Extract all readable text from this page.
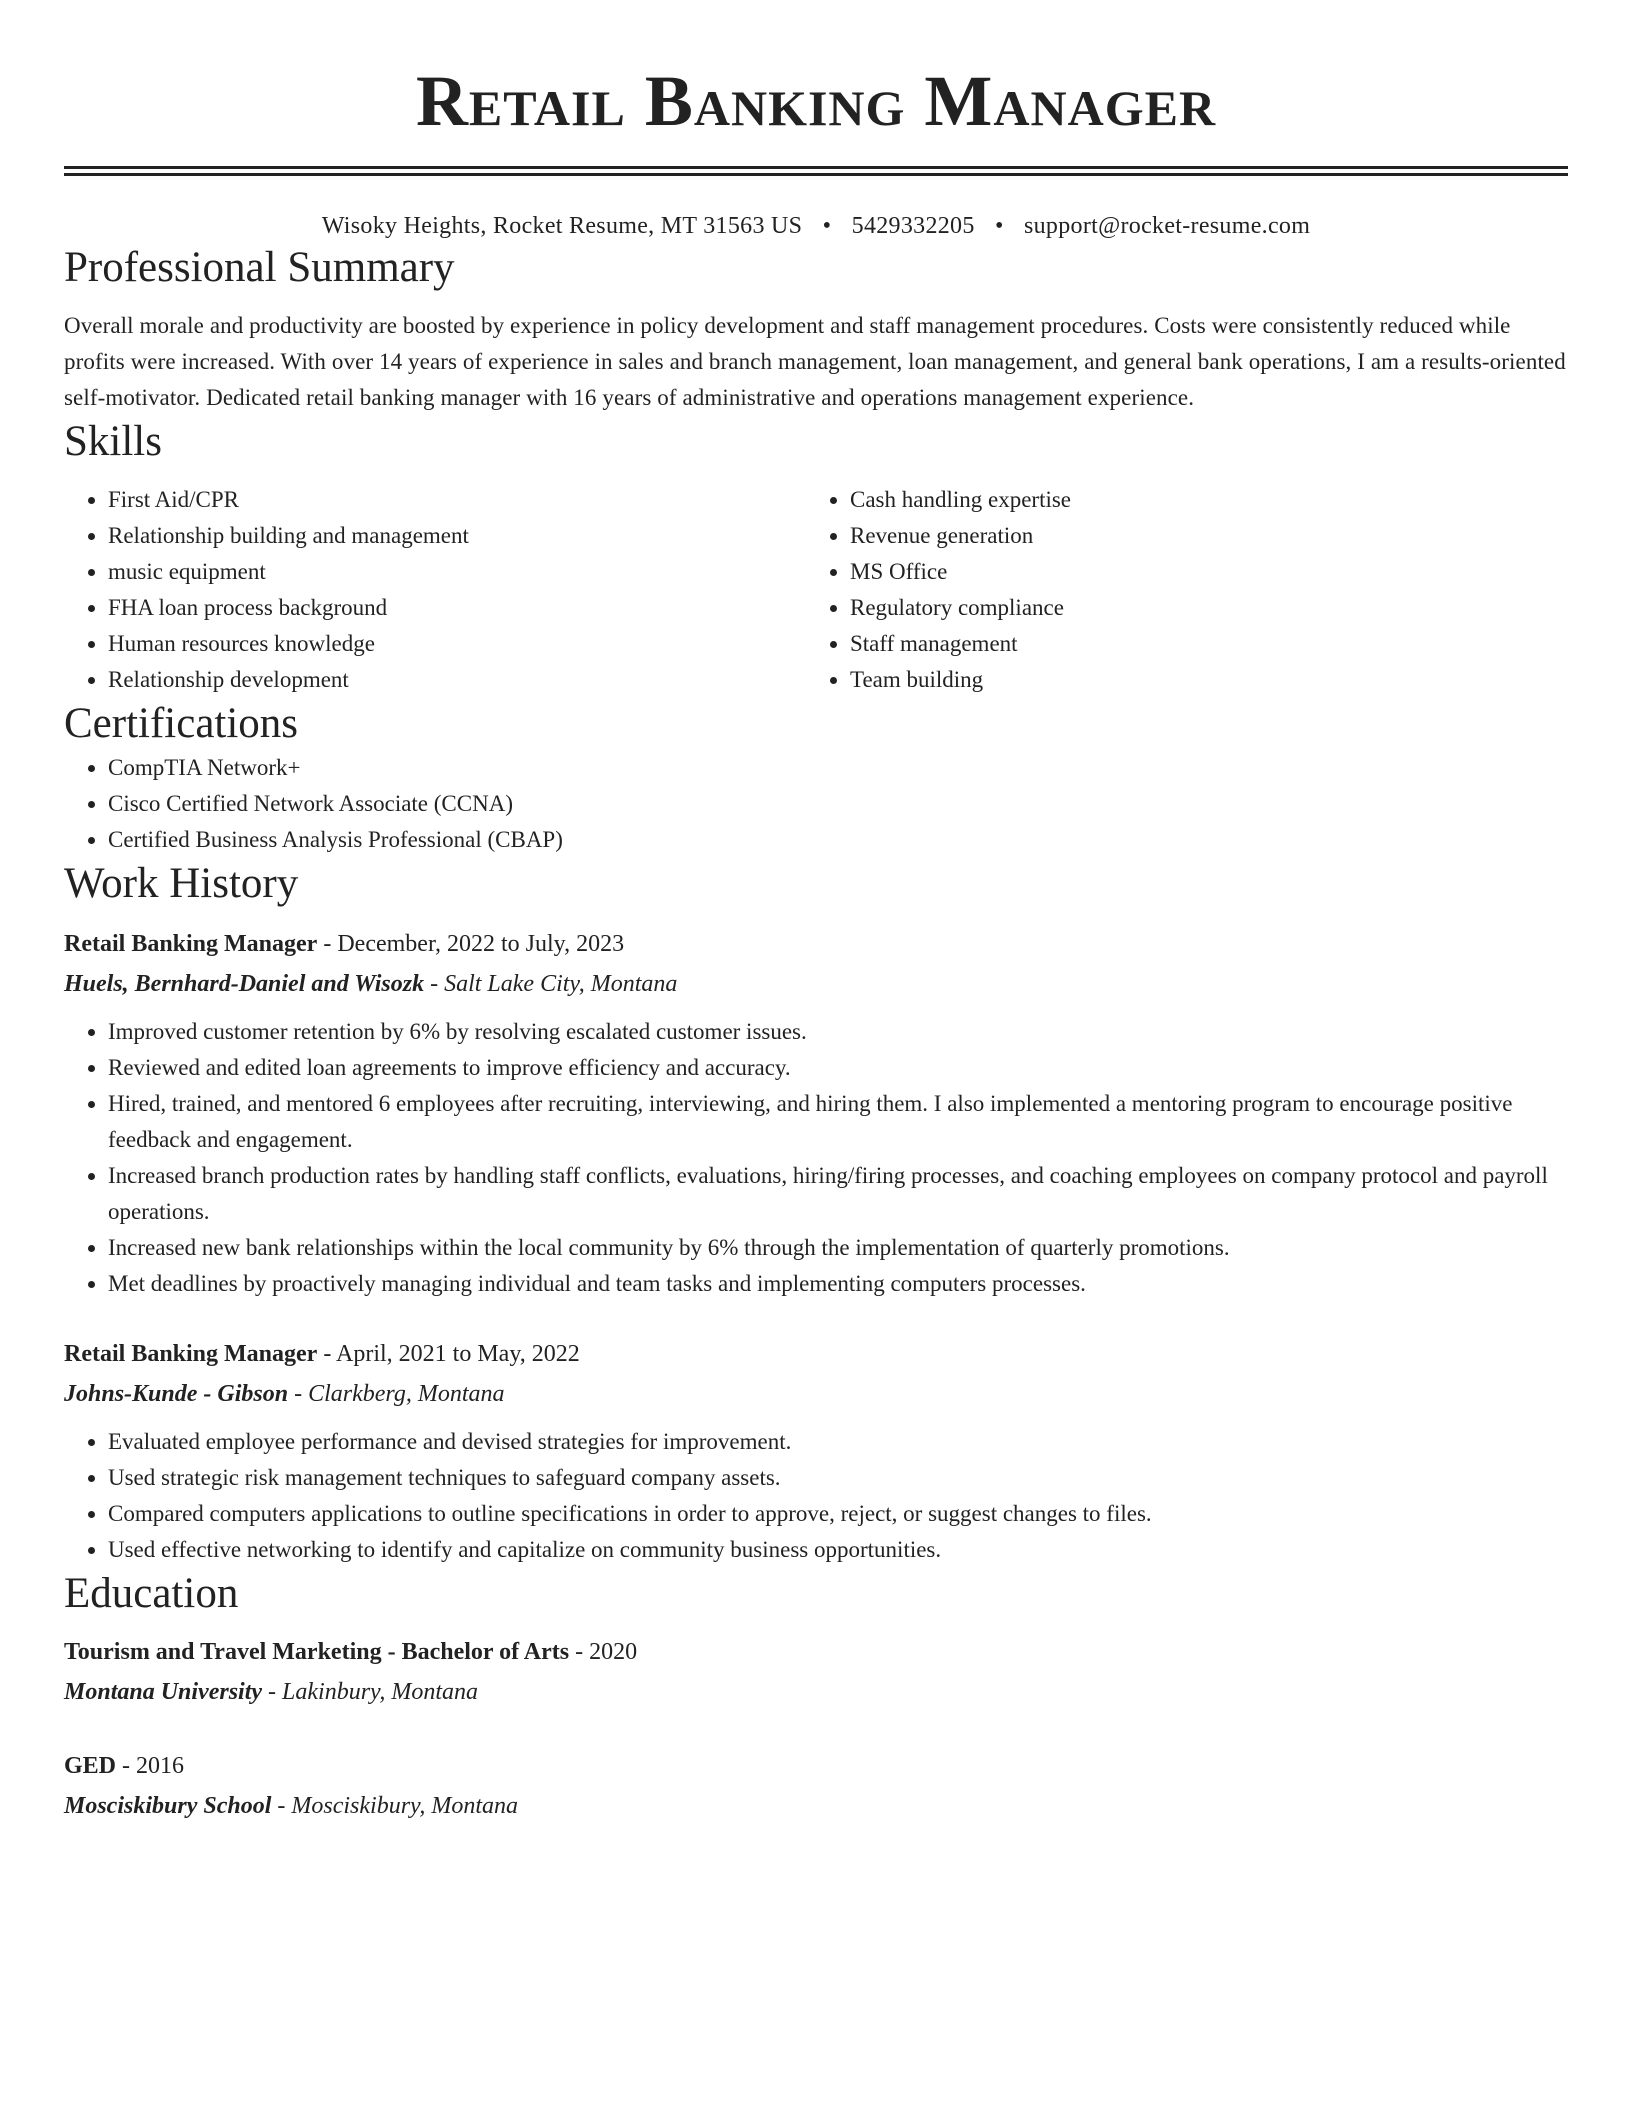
Retail Banking Manager
Wisoky Heights, Rocket Resume, MT 31563 US • 5429332205 • support@rocket-resume.com
Professional Summary
Overall morale and productivity are boosted by experience in policy development and staff management procedures. Costs were consistently reduced while profits were increased. With over 14 years of experience in sales and branch management, loan management, and general bank operations, I am a results-oriented self-motivator. Dedicated retail banking manager with 16 years of administrative and operations management experience.
Skills
• First Aid/CPR
• Relationship building and management
• music equipment
• FHA loan process background
• Human resources knowledge
• Relationship development
• Cash handling expertise
• Revenue generation
• MS Office
• Regulatory compliance
• Staff management
• Team building
Certifications
• CompTIA Network+
• Cisco Certified Network Associate (CCNA)
• Certified Business Analysis Professional (CBAP)
Work History
Retail Banking Manager - December, 2022 to July, 2023
Huels, Bernhard-Daniel and Wisozk - Salt Lake City, Montana
• Improved customer retention by 6% by resolving escalated customer issues.
• Reviewed and edited loan agreements to improve efficiency and accuracy.
• Hired, trained, and mentored 6 employees after recruiting, interviewing, and hiring them. I also implemented a mentoring program to encourage positive feedback and engagement.
• Increased branch production rates by handling staff conflicts, evaluations, hiring/firing processes, and coaching employees on company protocol and payroll operations.
• Increased new bank relationships within the local community by 6% through the implementation of quarterly promotions.
• Met deadlines by proactively managing individual and team tasks and implementing computers processes.
Retail Banking Manager - April, 2021 to May, 2022
Johns-Kunde - Gibson - Clarkberg, Montana
• Evaluated employee performance and devised strategies for improvement.
• Used strategic risk management techniques to safeguard company assets.
• Compared computers applications to outline specifications in order to approve, reject, or suggest changes to files.
• Used effective networking to identify and capitalize on community business opportunities.
Education
Tourism and Travel Marketing - Bachelor of Arts - 2020
Montana University - Lakinbury, Montana
GED - 2016
Mosciskibury School - Mosciskibury, Montana
